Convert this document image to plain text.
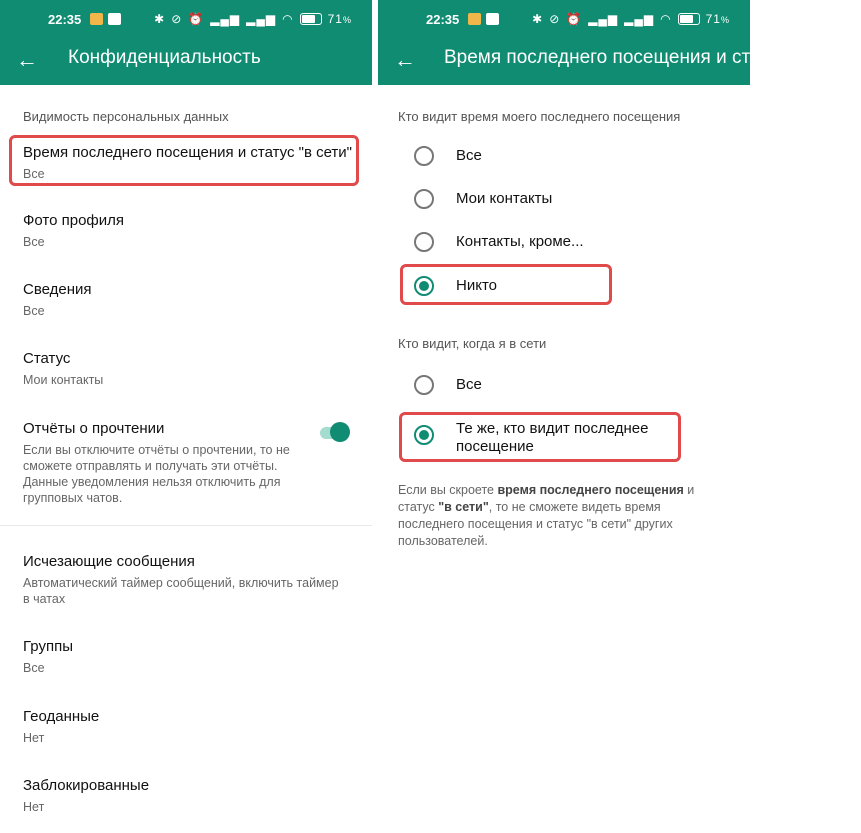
22:35	✱ ⊘ ⏰ ▂▄▆ ▂▄▆ ◠	71%
← Конфиденциальность
Видимость персональных данных
Время последнего посещения и статус "в сети"
Все
Фото профиля
Все
Сведения
Все
Статус
Мои контакты
Отчёты о прочтении
Если вы отключите отчёты о прочтении, то не сможете отправлять и получать эти отчёты. Данные уведомления нельзя отключить для групповых чатов.
Исчезающие сообщения
Автоматический таймер сообщений, включить таймер в чатах
Группы
Все
Геоданные
Нет
Заблокированные
Нет
22:35	✱ ⊘ ⏰ ▂▄▆ ▂▄▆ ◠	71%
← Время последнего посещения и статус "в сети"
Кто видит время моего последнего посещения
Все
Мои контакты
Контакты, кроме...
Никто
Кто видит, когда я в сети
Все
Те же, кто видит последнее посещение
Если вы скроете время последнего посещения и статус "в сети", то не сможете видеть время последнего посещения и статус "в сети" других пользователей.
